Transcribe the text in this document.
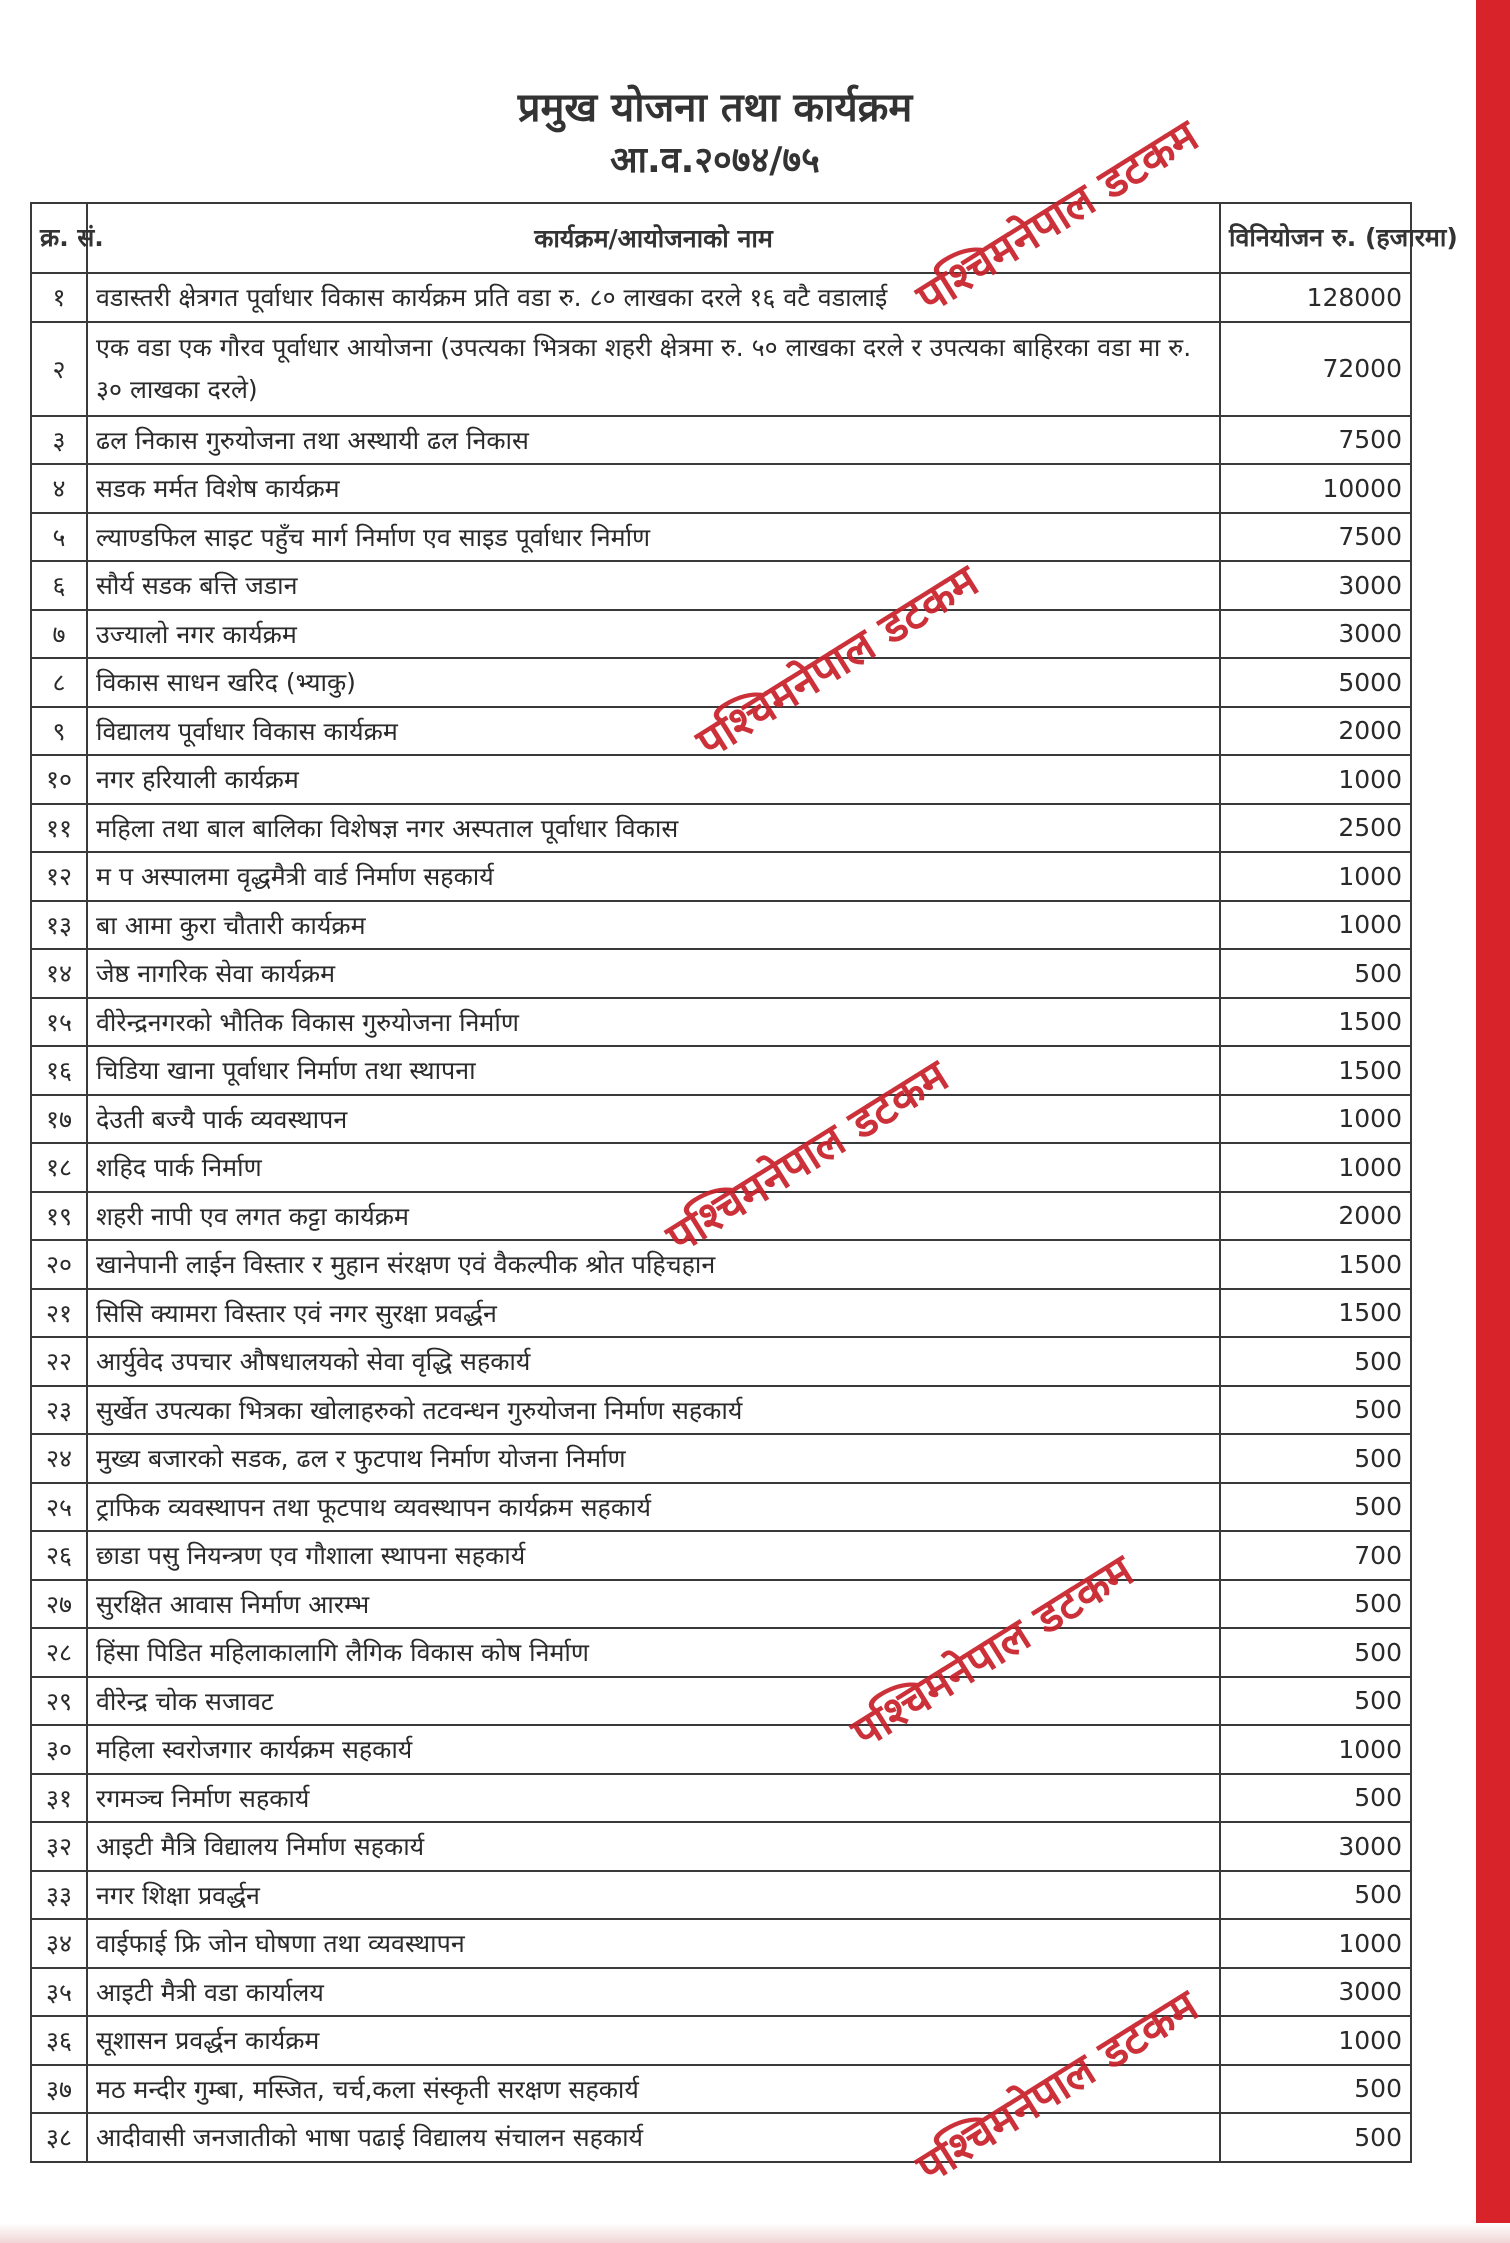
प्रमुख योजना तथा कार्यक्रम
आ.व.२०७४/७५
क्र. सं.	कार्यक्रम/आयोजनाको नाम	विनियोजन रु. (हजारमा)
१	वडास्तरी क्षेत्रगत पूर्वाधार विकास कार्यक्रम प्रति वडा रु. ८० लाखका दरले १६ वटै वडालाई	128000
२	एक वडा एक गौरव पूर्वाधार आयोजना (उपत्यका भित्रका शहरी क्षेत्रमा रु. ५० लाखका दरले र उपत्यका बाहिरका वडा मा रु. ३० लाखका दरले)	72000
३	ढल निकास गुरुयोजना तथा अस्थायी ढल निकास	7500
४	सडक मर्मत विशेष कार्यक्रम	10000
५	ल्याण्डफिल साइट पहुँच मार्ग निर्माण एव साइड पूर्वाधार निर्माण	7500
६	सौर्य सडक बत्ति जडान	3000
७	उज्यालो नगर कार्यक्रम	3000
८	विकास साधन खरिद (भ्याकु)	5000
९	विद्यालय पूर्वाधार विकास कार्यक्रम	2000
१०	नगर हरियाली कार्यक्रम	1000
११	महिला तथा बाल बालिका विशेषज्ञ नगर अस्पताल पूर्वाधार विकास	2500
१२	म प अस्पालमा वृद्धमैत्री वार्ड निर्माण सहकार्य	1000
१३	बा आमा कुरा चौतारी कार्यक्रम	1000
१४	जेष्ठ नागरिक सेवा कार्यक्रम	500
१५	वीरेन्द्रनगरको भौतिक विकास गुरुयोजना निर्माण	1500
१६	चिडिया खाना पूर्वाधार निर्माण तथा स्थापना	1500
१७	देउती बज्यै पार्क व्यवस्थापन	1000
१८	शहिद पार्क निर्माण	1000
१९	शहरी नापी एव लगत कट्टा कार्यक्रम	2000
२०	खानेपानी लाईन विस्तार र मुहान संरक्षण एवं वैकल्पीक श्रोत पहिचहान	1500
२१	सिसि क्यामरा विस्तार एवं नगर सुरक्षा प्रवर्द्धन	1500
२२	आर्युवेद उपचार औषधालयको सेवा वृद्धि सहकार्य	500
२३	सुर्खेत उपत्यका भित्रका खोलाहरुको तटवन्धन गुरुयोजना निर्माण सहकार्य	500
२४	मुख्य बजारको सडक, ढल र फुटपाथ निर्माण योजना निर्माण	500
२५	ट्राफिक व्यवस्थापन तथा फूटपाथ व्यवस्थापन कार्यक्रम सहकार्य	500
२६	छाडा पसु नियन्त्रण एव गौशाला स्थापना सहकार्य	700
२७	सुरक्षित आवास निर्माण आरम्भ	500
२८	हिंसा पिडित महिलाकालागि लैगिक विकास कोष निर्माण	500
२९	वीरेन्द्र चोक सजावट	500
३०	महिला स्वरोजगार कार्यक्रम सहकार्य	1000
३१	रगमञ्च निर्माण सहकार्य	500
३२	आइटी मैत्रि विद्यालय निर्माण सहकार्य	3000
३३	नगर शिक्षा प्रवर्द्धन	500
३४	वाईफाई फ्रि जोन घोषणा तथा व्यवस्थापन	1000
३५	आइटी मैत्री वडा कार्यालय	3000
३६	सूशासन प्रवर्द्धन कार्यक्रम	1000
३७	मठ मन्दीर गुम्बा, मस्जित, चर्च,कला संस्कृती सरक्षण सहकार्य	500
३८	आदीवासी जनजातीको भाषा पढाई विद्यालय संचालन सहकार्य	500
पश्चिमनेपाल डटकम
पश्चिमनेपाल डटकम
पश्चिमनेपाल डटकम
पश्चिमनेपाल डटकम
पश्चिमनेपाल डटकम
